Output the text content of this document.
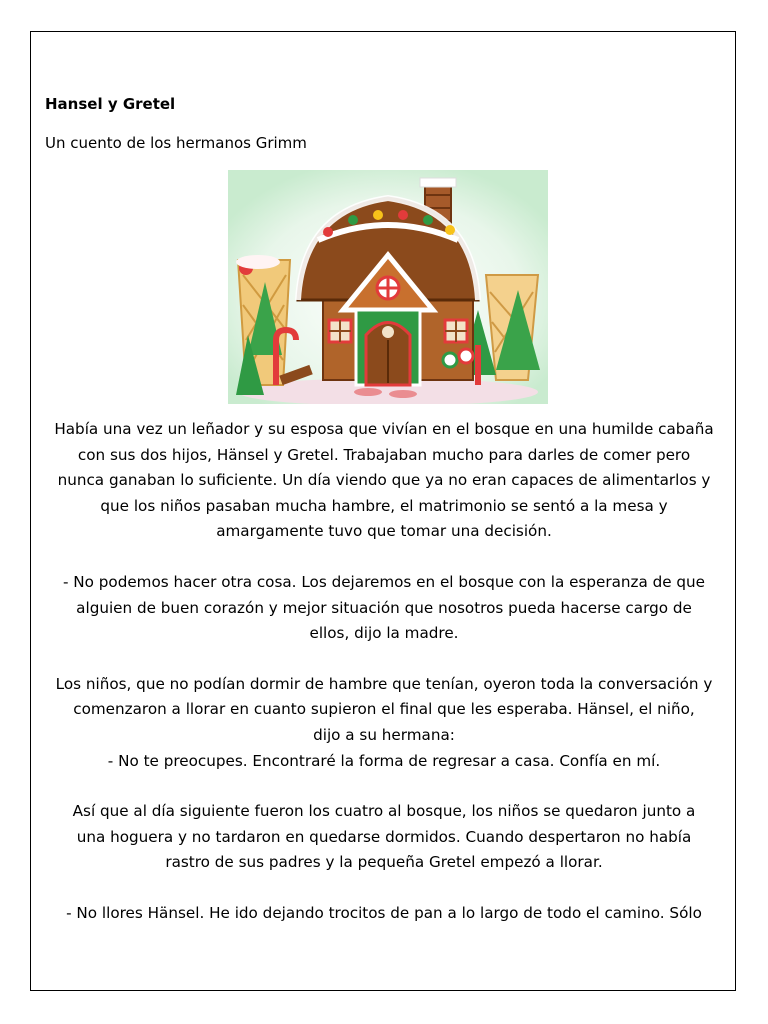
Hansel y Gretel

Un cuento de los hermanos Grimm

Había una vez un leñador y su esposa que vivían en el bosque en una humilde cabaña
con sus dos hijos, Hänsel y Gretel. Trabajaban mucho para darles de comer pero
nunca ganaban lo suficiente. Un día viendo que ya no eran capaces de alimentarlos y
que los niños pasaban mucha hambre, el matrimonio se sentó a la mesa y
amargamente tuvo que tomar una decisión.

- No podemos hacer otra cosa. Los dejaremos en el bosque con la esperanza de que
alguien de buen corazón y mejor situación que nosotros pueda hacerse cargo de
ellos, dijo la madre.

Los niños, que no podían dormir de hambre que tenían, oyeron toda la conversación y
comenzaron a llorar en cuanto supieron el final que les esperaba. Hänsel, el niño,
dijo a su hermana:
- No te preocupes. Encontraré la forma de regresar a casa. Confía en mí.

Así que al día siguiente fueron los cuatro al bosque, los niños se quedaron junto a
una hoguera y no tardaron en quedarse dormidos. Cuando despertaron no había
rastro de sus padres y la pequeña Gretel empezó a llorar.

- No llores Hänsel. He ido dejando trocitos de pan a lo largo de todo el camino. Sólo
